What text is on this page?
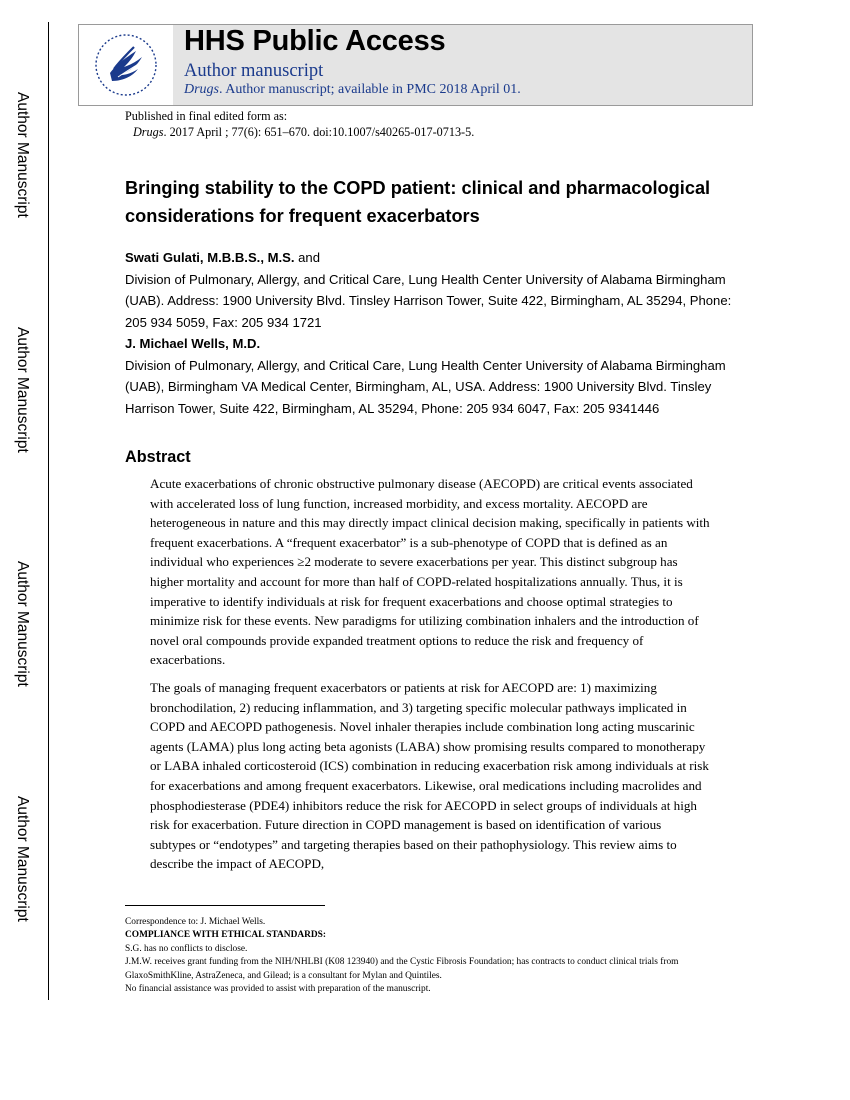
Author Manuscript
Author Manuscript
Author Manuscript
Author Manuscript
HHS Public Access
Author manuscript
Drugs. Author manuscript; available in PMC 2018 April 01.
Published in final edited form as:
Drugs. 2017 April ; 77(6): 651–670. doi:10.1007/s40265-017-0713-5.
Bringing stability to the COPD patient: clinical and pharmacological considerations for frequent exacerbators
Swati Gulati, M.B.B.S., M.S. and
Division of Pulmonary, Allergy, and Critical Care, Lung Health Center University of Alabama Birmingham (UAB). Address: 1900 University Blvd. Tinsley Harrison Tower, Suite 422, Birmingham, AL 35294, Phone: 205 934 5059, Fax: 205 934 1721
J. Michael Wells, M.D.
Division of Pulmonary, Allergy, and Critical Care, Lung Health Center University of Alabama Birmingham (UAB), Birmingham VA Medical Center, Birmingham, AL, USA. Address: 1900 University Blvd. Tinsley Harrison Tower, Suite 422, Birmingham, AL 35294, Phone: 205 934 6047, Fax: 205 9341446
Abstract
Acute exacerbations of chronic obstructive pulmonary disease (AECOPD) are critical events associated with accelerated loss of lung function, increased morbidity, and excess mortality. AECOPD are heterogeneous in nature and this may directly impact clinical decision making, specifically in patients with frequent exacerbations. A “frequent exacerbator” is a sub-phenotype of COPD that is defined as an individual who experiences ≥2 moderate to severe exacerbations per year. This distinct subgroup has higher mortality and account for more than half of COPD-related hospitalizations annually. Thus, it is imperative to identify individuals at risk for frequent exacerbations and choose optimal strategies to minimize risk for these events. New paradigms for utilizing combination inhalers and the introduction of novel oral compounds provide expanded treatment options to reduce the risk and frequency of exacerbations.
The goals of managing frequent exacerbators or patients at risk for AECOPD are: 1) maximizing bronchodilation, 2) reducing inflammation, and 3) targeting specific molecular pathways implicated in COPD and AECOPD pathogenesis. Novel inhaler therapies include combination long acting muscarinic agents (LAMA) plus long acting beta agonists (LABA) show promising results compared to monotherapy or LABA inhaled corticosteroid (ICS) combination in reducing exacerbation risk among individuals at risk for exacerbations and among frequent exacerbators. Likewise, oral medications including macrolides and phosphodiesterase (PDE4) inhibitors reduce the risk for AECOPD in select groups of individuals at high risk for exacerbation. Future direction in COPD management is based on identification of various subtypes or “endotypes” and targeting therapies based on their pathophysiology. This review aims to describe the impact of AECOPD,
Correspondence to: J. Michael Wells.
COMPLIANCE WITH ETHICAL STANDARDS:
S.G. has no conflicts to disclose.
J.M.W. receives grant funding from the NIH/NHLBI (K08 123940) and the Cystic Fibrosis Foundation; has contracts to conduct clinical trials from GlaxoSmithKline, AstraZeneca, and Gilead; is a consultant for Mylan and Quintiles.
No financial assistance was provided to assist with preparation of the manuscript.
